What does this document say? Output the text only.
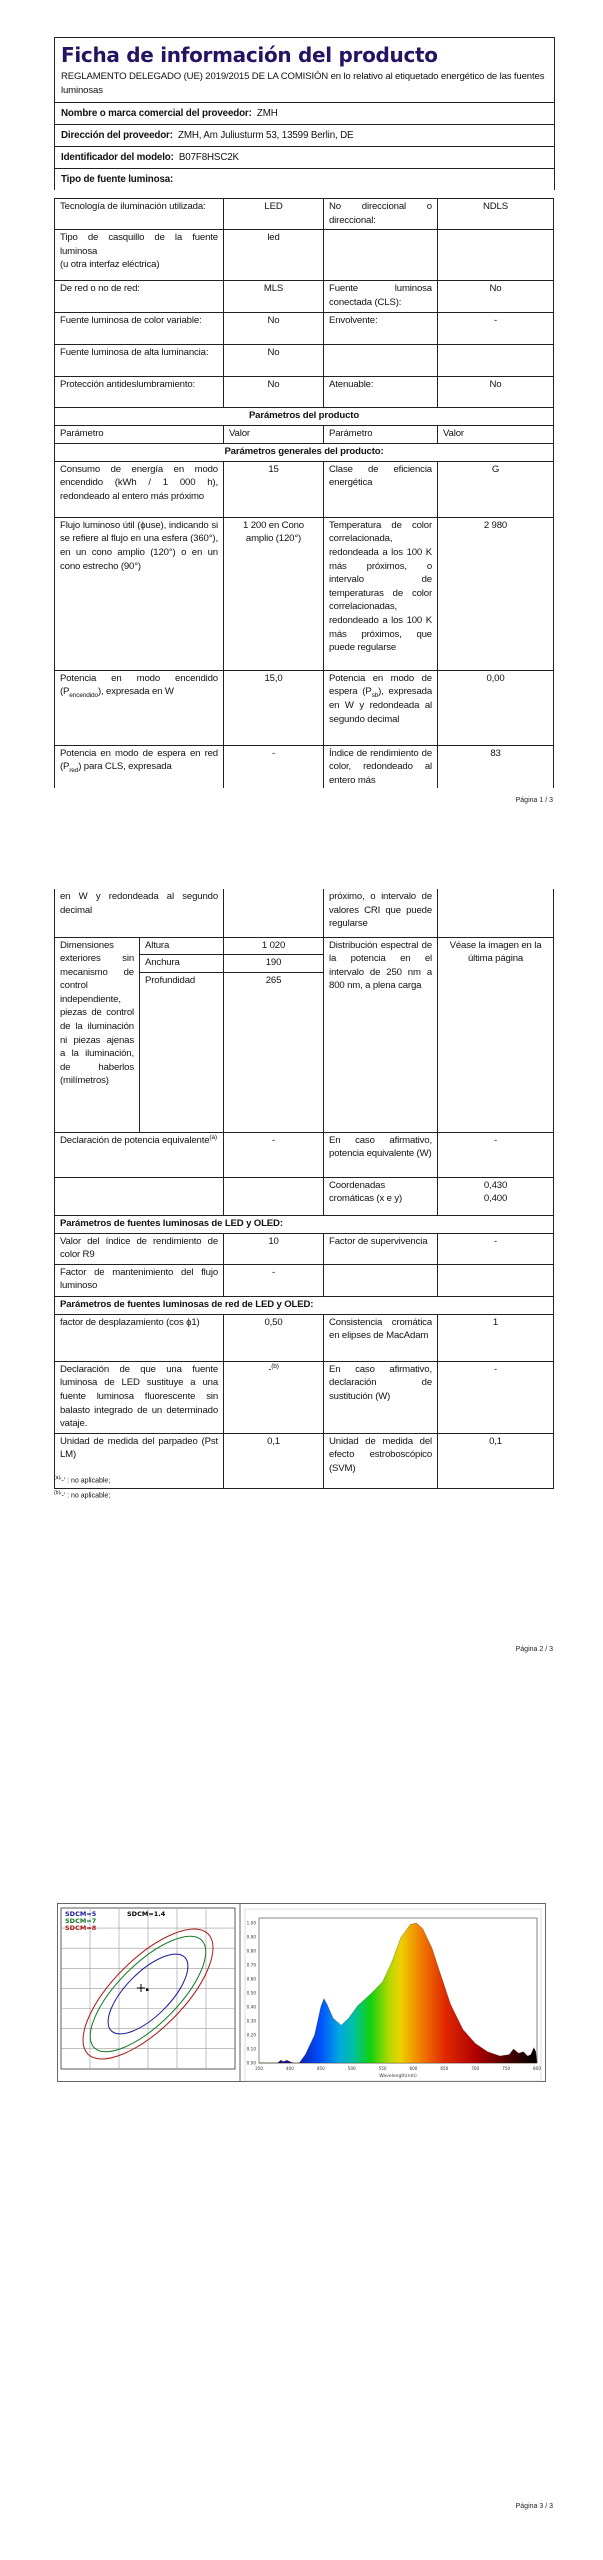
Ficha de información del producto
REGLAMENTO DELEGADO (UE) 2019/2015 DE LA COMISIÓN en lo relativo al etiquetado energético de las fuentes luminosas
Nombre o marca comercial del proveedor: ZMH
Dirección del proveedor: ZMH, Am Juliusturm 53, 13599 Berlin, DE
Identificador del modelo: B07F8HSC2K
Tipo de fuente luminosa:
Tecnología de iluminación utilizada:	LED	No direccional o direccional:	NDLS
Tipo de casquillo de la fuente luminosa
(u otra interfaz eléctrica)	led		
De red o no de red:	MLS	Fuente luminosa conectada (CLS):	No
Fuente luminosa de color variable:	No	Envolvente:	-
Fuente luminosa de alta luminancia:	No		
Protección antideslumbramiento:	No	Atenuable:	No
Parámetros del producto			
Parámetro	Valor	Parámetro	Valor
Parámetros generales del producto:			
Consumo de energía en modo encendido (kWh / 1 000 h), redondeado al entero más próximo	15	Clase de eficiencia energética	G
Flujo luminoso útil (ϕuse), indicando si se refiere al flujo en una esfera (360°), en un cono amplio (120°) o en un cono estrecho (90°)	1 200 en Cono amplio (120°)	Temperatura de color correlacionada, redondeada a los 100 K más próximos, o intervalo de temperaturas de color correlacionadas, redondeado a los 100 K más próximos, que puede regularse	2 980
Potencia en modo encendido $(P_{encendido})$, expresada en W	15,0	Potencia en modo de espera $(P_{sb})$, expresada en W y redondeada al segundo decimal	0,00
Potencia en modo de espera en red $(P_{red})$ para CLS, expresada	-	Índice de rendimiento de color, redondeado al entero más	83
Página 1 / 3
en W y redondeada al segundo decimal			próximo, o intervalo de valores CRI que puede regularse	
Dimensiones exteriores sin mecanismo de control independiente, piezas de control de la iluminación ni piezas ajenas a la iluminación, de haberlos (milímetros)	Altura	1 020	Distribución espectral de la potencia en el intervalo de 250 nm a 800 nm, a plena carga	Véase la imagen en la última página
	Anchura	190		
	Profundidad	265		
Declaración de potencia equivalente$^{(a)}$		-	En caso afirmativo, potencia equivalente (W)	-
			Coordenadas cromáticas (x e y)	0,430
0,400
Parámetros de fuentes luminosas de LED y OLED:				
Valor del índice de rendimiento de color R9		10	Factor de supervivencia	-
Factor de mantenimiento del flujo luminoso		-		
Parámetros de fuentes luminosas de red de LED y OLED:				
factor de desplazamiento (cos ϕ1)		0,50	Consistencia cromática en elipses de MacAdam	1
Declaración de que una fuente luminosa de LED sustituye a una fuente luminosa fluorescente sin balasto integrado de un determinado vataje.		-$^{(b)}$	En caso afirmativo, declaración de sustitución (W)	-
Unidad de medida del parpadeo (Pst LM)		0,1	Unidad de medida del efecto estroboscópico (SVM)	0,1
$^{(a)}$'-' : no aplicable;
$^{(b)}$'-' : no aplicable;
Página 2 / 3
SDCM=5
SDCM=7
SDCM=8
SDCM=1.4
0.00
0.10
0.20
0.30
0.40
0.50
0.60
0.70
0.80
0.90
1.00
350	400	450	500	550	600	650	700	750	800
Wavelength(nm)
Página 3 / 3
